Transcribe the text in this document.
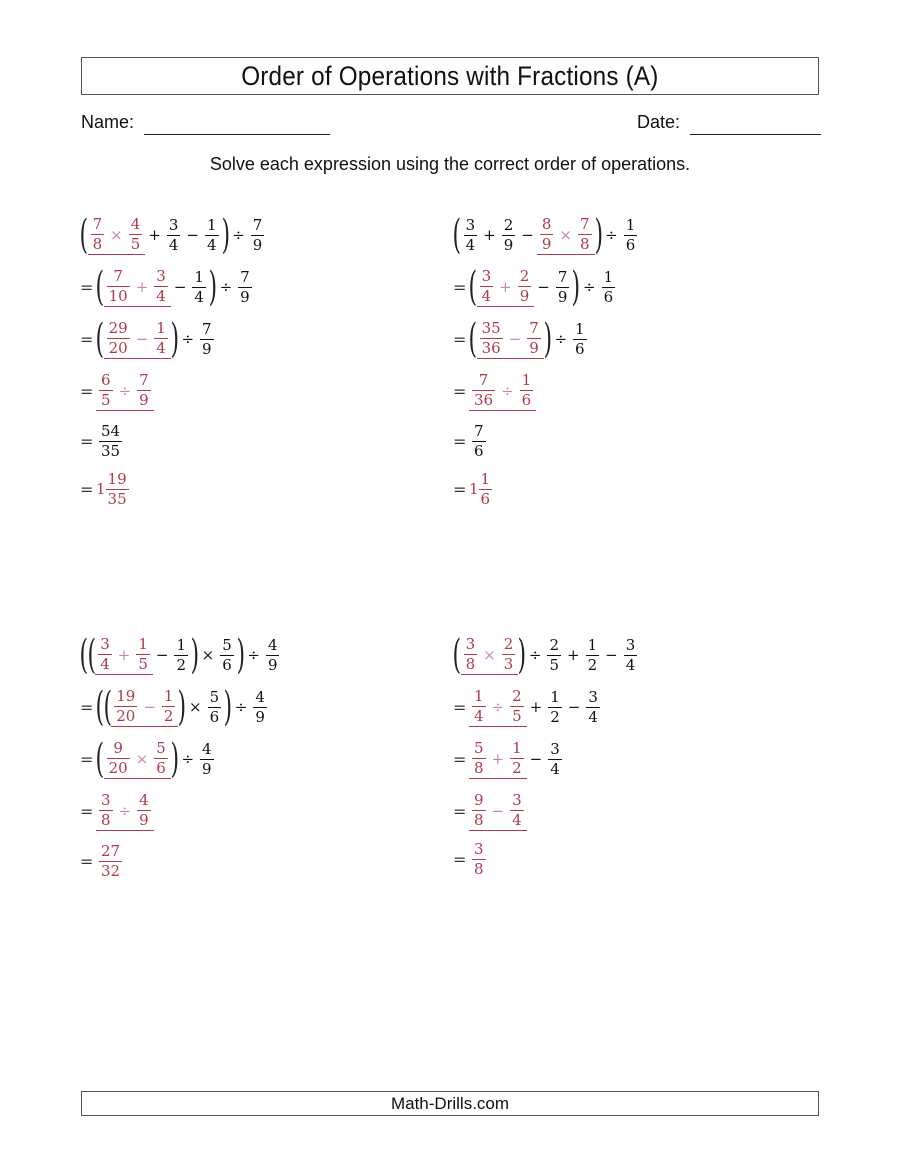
Order of Operations with Fractions (A)
Name:	Date:
Solve each expression using the correct order of operations.
( $\frac{7}{8} \times \frac{4}{5} + \frac{3}{4} - \frac{1}{4}$ ) ÷ $\frac{7}{9}$
= ( $\frac{7}{10} + \frac{3}{4} - \frac{1}{4}$ ) ÷ $\frac{7}{9}$
= ( $\frac{29}{20} - \frac{1}{4}$ ) ÷ $\frac{7}{9}$
= $\frac{6}{5} \div \frac{7}{9}$
= $\frac{54}{35}$
= $1 \frac{19}{35}$
( $\frac{3}{4} + \frac{2}{9} - \frac{8}{9} \times \frac{7}{8}$ ) ÷ $\frac{1}{6}$
= ( $\frac{3}{4} + \frac{2}{9} - \frac{7}{9}$ ) ÷ $\frac{1}{6}$
= ( $\frac{35}{36} - \frac{7}{9}$ ) ÷ $\frac{1}{6}$
= $\frac{7}{36} \div \frac{1}{6}$
= $\frac{7}{6}$
= $1 \frac{1}{6}$
( ( $\frac{3}{4} + \frac{1}{5} - \frac{1}{2}$ ) × $\frac{5}{6}$ ) ÷ $\frac{4}{9}$
= ( ( $\frac{19}{20} - \frac{1}{2}$ ) × $\frac{5}{6}$ ) ÷ $\frac{4}{9}$
= ( $\frac{9}{20} \times \frac{5}{6}$ ) ÷ $\frac{4}{9}$
= $\frac{3}{8} \div \frac{4}{9}$
= $\frac{27}{32}$
( $\frac{3}{8} \times \frac{2}{3}$ ) ÷ $\frac{2}{5} + \frac{1}{2} - \frac{3}{4}$
= $\frac{1}{4} \div \frac{2}{5} + \frac{1}{2} - \frac{3}{4}$
= $\frac{5}{8} + \frac{1}{2} - \frac{3}{4}$
= $\frac{9}{8} - \frac{3}{4}$
= $\frac{3}{8}$
Math-Drills.com
